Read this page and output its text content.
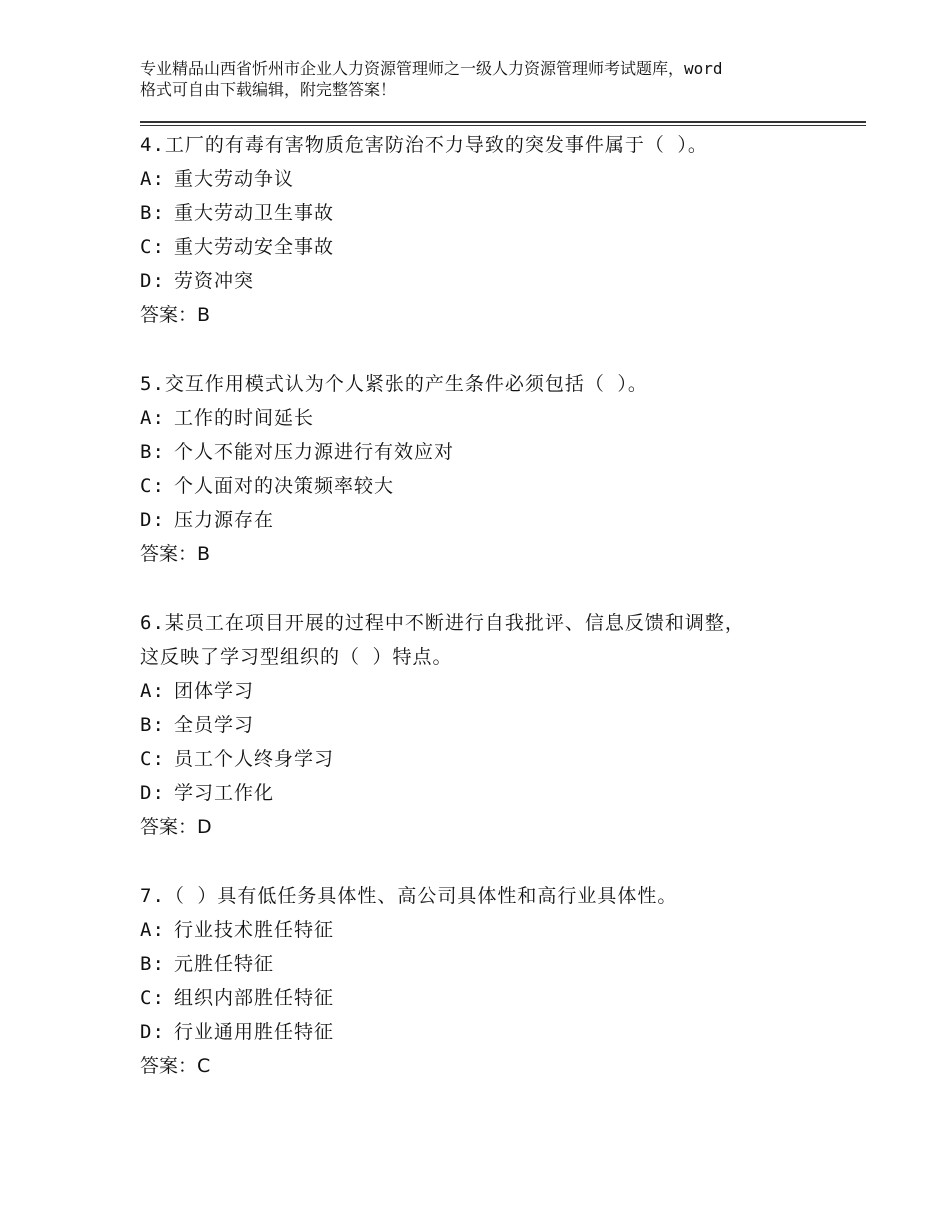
专业精品山西省忻州市企业人力资源管理师之一级人力资源管理师考试题库，word
格式可自由下载编辑，附完整答案！
4.工厂的有毒有害物质危害防治不力导致的突发事件属于（ ）。
A: 重大劳动争议
B: 重大劳动卫生事故
C: 重大劳动安全事故
D: 劳资冲突
答案：B
5.交互作用模式认为个人紧张的产生条件必须包括（ ）。
A: 工作的时间延长
B: 个人不能对压力源进行有效应对
C: 个人面对的决策频率较大
D: 压力源存在
答案：B
6.某员工在项目开展的过程中不断进行自我批评、信息反馈和调整，
这反映了学习型组织的（ ）特点。
A: 团体学习
B: 全员学习
C: 员工个人终身学习
D: 学习工作化
答案：D
7.（ ）具有低任务具体性、高公司具体性和高行业具体性。
A: 行业技术胜任特征
B: 元胜任特征
C: 组织内部胜任特征
D: 行业通用胜任特征
答案：C
